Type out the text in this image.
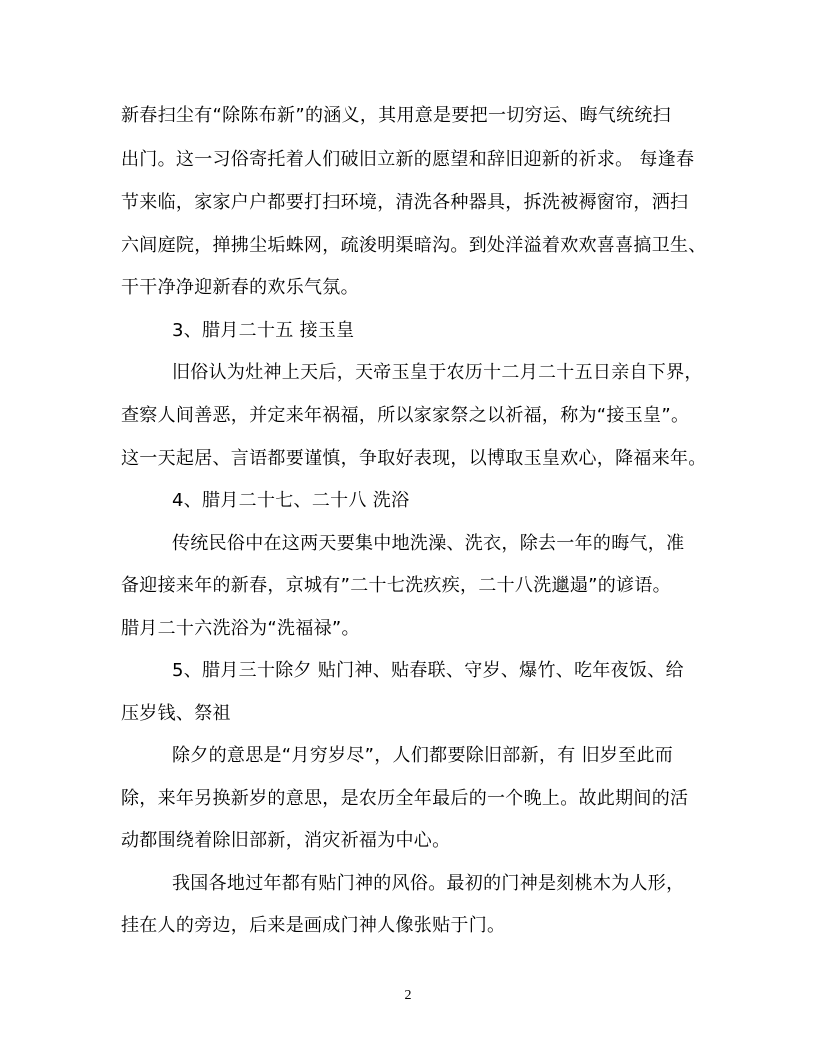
新春扫尘有“除陈布新”的涵义，其用意是要把一切穷运、晦气统统扫
出门。这一习俗寄托着人们破旧立新的愿望和辞旧迎新的祈求。 每逢春
节来临，家家户户都要打扫环境，清洗各种器具，拆洗被褥窗帘，洒扫
六闾庭院，掸拂尘垢蛛网，疏浚明渠暗沟。到处洋溢着欢欢喜喜搞卫生、
干干净净迎新春的欢乐气氛。
3、腊月二十五 接玉皇
旧俗认为灶神上天后，天帝玉皇于农历十二月二十五日亲自下界，
查察人间善恶，并定来年祸福，所以家家祭之以祈福，称为“接玉皇”。
这一天起居、言语都要谨慎，争取好表现，以博取玉皇欢心，降福来年。
4、腊月二十七、二十八 洗浴
传统民俗中在这两天要集中地洗澡、洗衣，除去一年的晦气，准
备迎接来年的新春，京城有”二十七洗疚疾，二十八洗邋遢”的谚语。
腊月二十六洗浴为“洗福禄”。
5、腊月三十除夕 贴门神、贴春联、守岁、爆竹、吃年夜饭、给
压岁钱、祭祖
除夕的意思是“月穷岁尽”，人们都要除旧部新，有 旧岁至此而
除，来年另换新岁的意思，是农历全年最后的一个晚上。故此期间的活
动都围绕着除旧部新，消灾祈福为中心。
我国各地过年都有贴门神的风俗。最初的门神是刻桃木为人形，
挂在人的旁边，后来是画成门神人像张贴于门。
2
